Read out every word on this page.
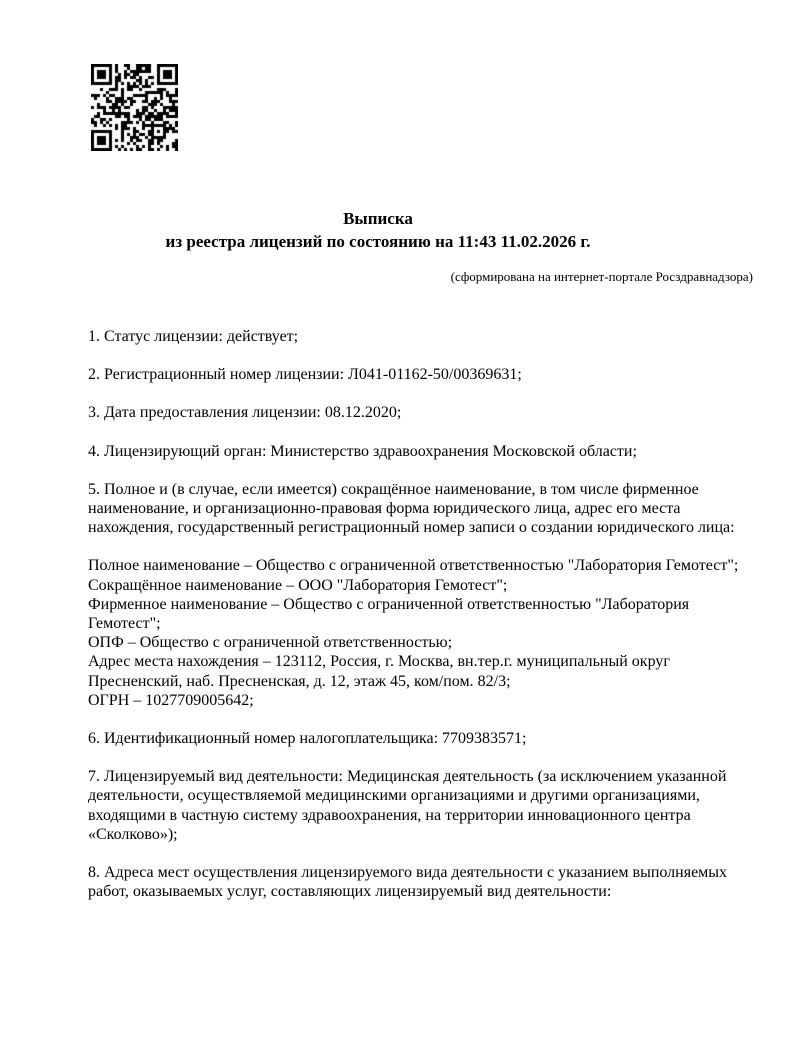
Выписка
из реестра лицензий по состоянию на 11:43 11.02.2026 г.
(сформирована на интернет-портале Росздравнадзора)

1. Статус лицензии: действует;

2. Регистрационный номер лицензии: Л041-01162-50/00369631;

3. Дата предоставления лицензии: 08.12.2020;

4. Лицензирующий орган: Министерство здравоохранения Московской области;

5. Полное и (в случае, если имеется) сокращённое наименование, в том числе фирменное
наименование, и организационно-правовая форма юридического лица, адрес его места
нахождения, государственный регистрационный номер записи о создании юридического лица:

Полное наименование – Общество с ограниченной ответственностью "Лаборатория Гемотест";
Сокращённое наименование – ООО "Лаборатория Гемотест";
Фирменное наименование – Общество с ограниченной ответственностью "Лаборатория
Гемотест";
ОПФ – Общество с ограниченной ответственностью;
Адрес места нахождения – 123112, Россия, г. Москва, вн.тер.г. муниципальный округ
Пресненский, наб. Пресненская, д. 12, этаж 45, ком/пом. 82/3;
ОГРН – 1027709005642;

6. Идентификационный номер налогоплательщика: 7709383571;

7. Лицензируемый вид деятельности: Медицинская деятельность (за исключением указанной
деятельности, осуществляемой медицинскими организациями и другими организациями,
входящими в частную систему здравоохранения, на территории инновационного центра
«Сколково»);

8. Адреса мест осуществления лицензируемого вида деятельности с указанием выполняемых
работ, оказываемых услуг, составляющих лицензируемый вид деятельности:
